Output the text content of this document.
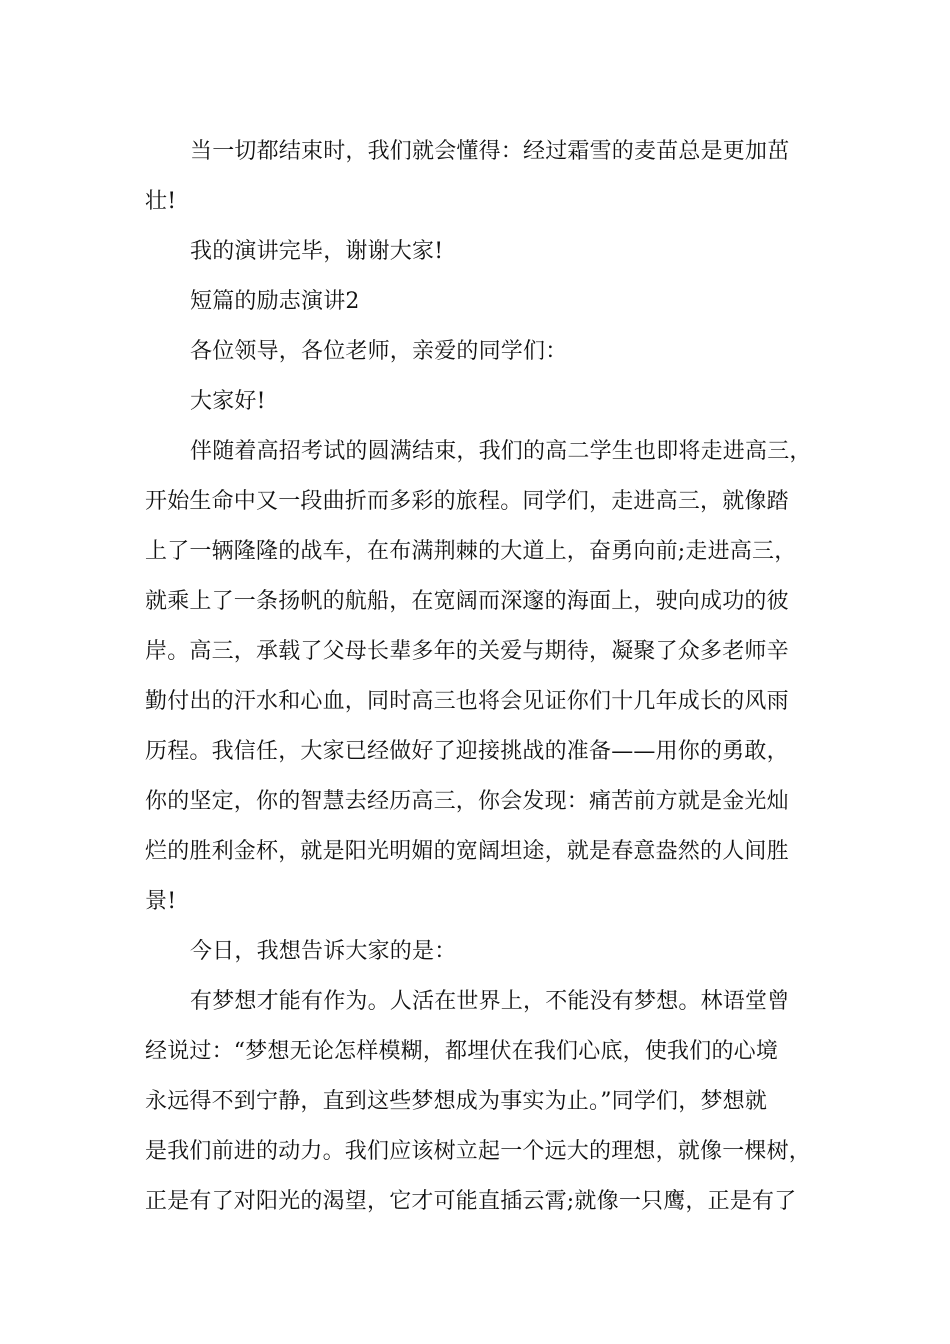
当一切都结束时，我们就会懂得：经过霜雪的麦苗总是更加茁
壮!
我的演讲完毕，谢谢大家!
短篇的励志演讲2
各位领导，各位老师，亲爱的同学们：
大家好!
伴随着高招考试的圆满结束，我们的高二学生也即将走进高三，
开始生命中又一段曲折而多彩的旅程。同学们，走进高三，就像踏
上了一辆隆隆的战车，在布满荆棘的大道上，奋勇向前;走进高三，
就乘上了一条扬帆的航船，在宽阔而深邃的海面上，驶向成功的彼
岸。高三，承载了父母长辈多年的关爱与期待，凝聚了众多老师辛
勤付出的汗水和心血，同时高三也将会见证你们十几年成长的风雨
历程。我信任，大家已经做好了迎接挑战的准备——用你的勇敢，
你的坚定，你的智慧去经历高三，你会发现：痛苦前方就是金光灿
烂的胜利金杯，就是阳光明媚的宽阔坦途，就是春意盎然的人间胜
景!
今日，我想告诉大家的是：
有梦想才能有作为。人活在世界上，不能没有梦想。林语堂曾
经说过：“梦想无论怎样模糊，都埋伏在我们心底，使我们的心境
永远得不到宁静，直到这些梦想成为事实为止。”同学们，梦想就
是我们前进的动力。我们应该树立起一个远大的理想，就像一棵树，
正是有了对阳光的渴望，它才可能直插云霄;就像一只鹰，正是有了
